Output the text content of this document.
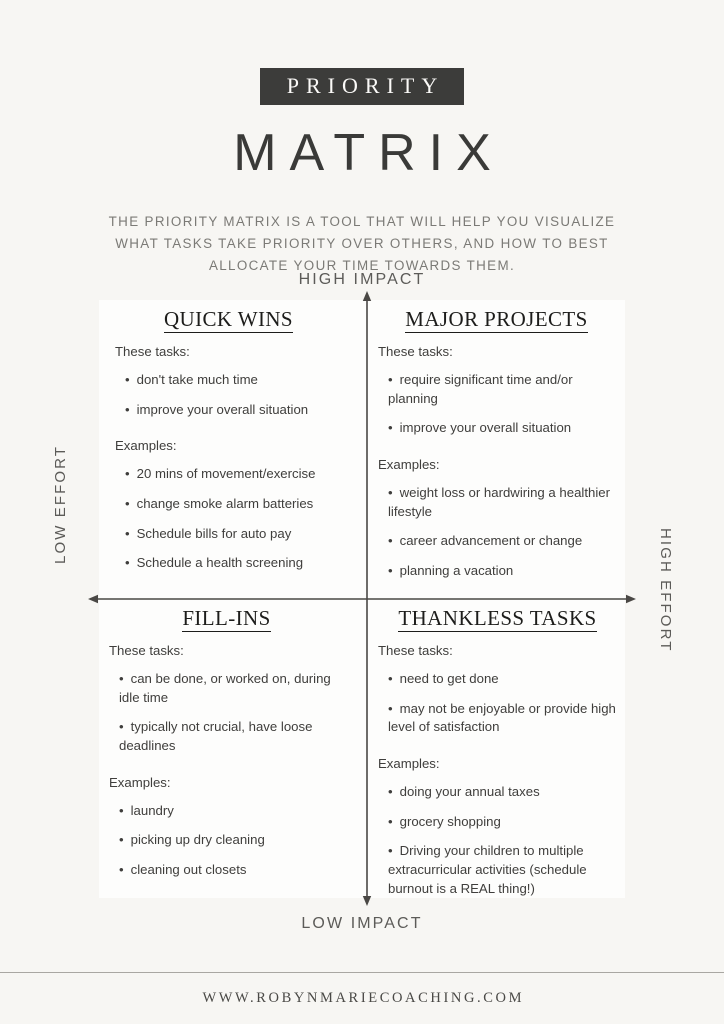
PRIORITY
MATRIX
THE PRIORITY MATRIX IS A TOOL THAT WILL HELP YOU VISUALIZE WHAT TASKS TAKE PRIORITY OVER OTHERS, AND HOW TO BEST ALLOCATE YOUR TIME TOWARDS THEM.
HIGH IMPACT
LOW IMPACT
LOW EFFORT
HIGH EFFORT
QUICK WINS
These tasks:
• don't take much time
• improve your overall situation
Examples:
• 20 mins of movement/exercise
• change smoke alarm batteries
• Schedule bills for auto pay
• Schedule a health screening
MAJOR PROJECTS
These tasks:
• require significant time and/or planning
• improve your overall situation
Examples:
• weight loss or hardwiring a healthier lifestyle
• career advancement or change
• planning a vacation
FILL-INS
These tasks:
• can be done, or worked on, during idle time
• typically not crucial, have loose deadlines
Examples:
• laundry
• picking up dry cleaning
• cleaning out closets
THANKLESS TASKS
These tasks:
• need to get done
• may not be enjoyable or provide high level of satisfaction
Examples:
• doing your annual taxes
• grocery shopping
• Driving your children to multiple extracurricular activities (schedule burnout is a REAL thing!)
WWW.ROBYNMARIECOACHING.COM
